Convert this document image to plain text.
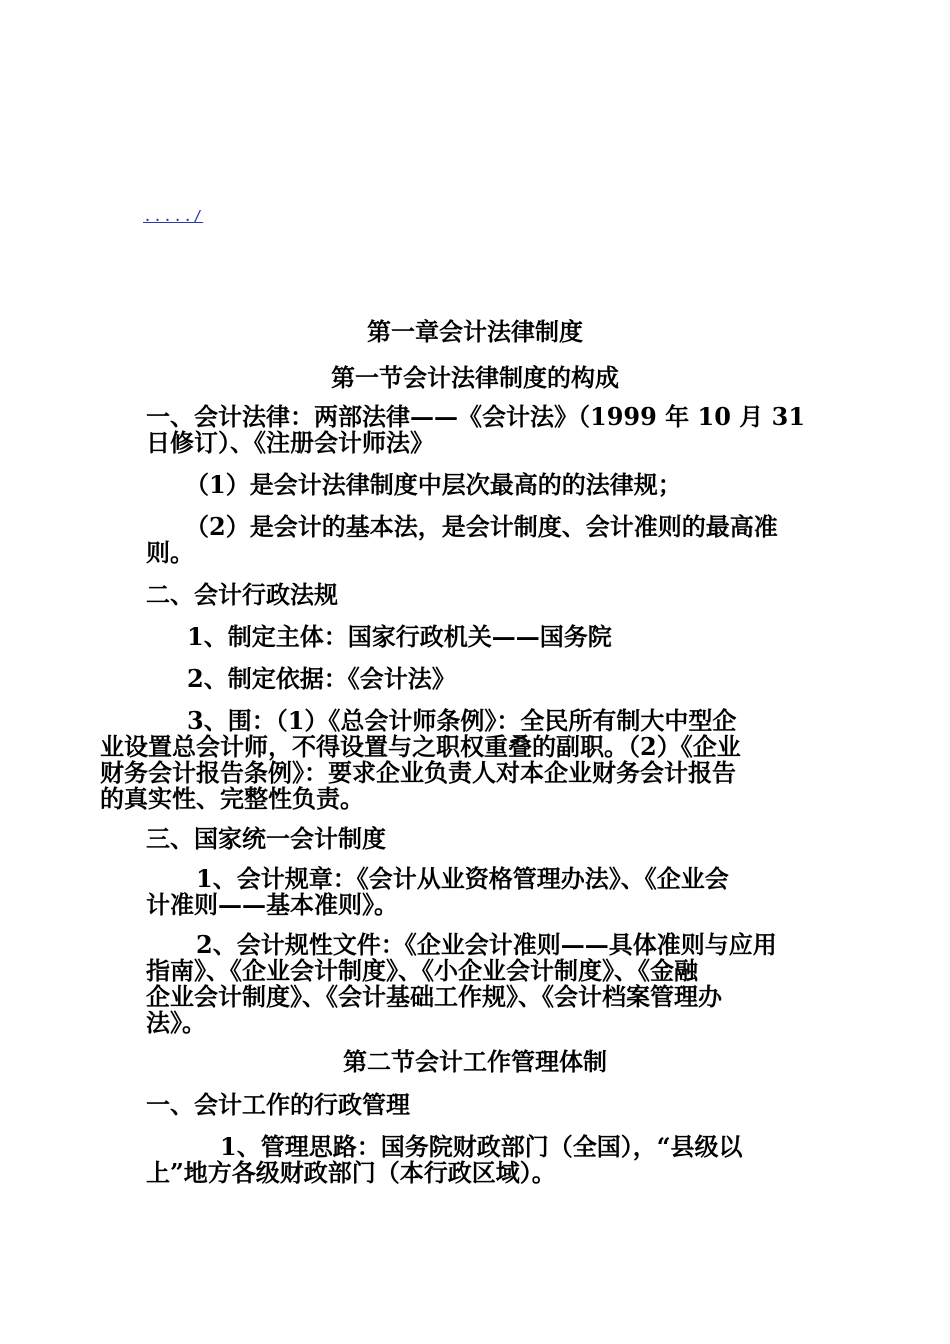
...../
第一章会计法律制度
第一节会计法律制度的构成

一、会计法律：两部法律——《会计法》（1999 年 10 月 31

日修订）、《注册会计师法》

（1）是会计法律制度中层次最高的的法律规；

（2）是会计的基本法，是会计制度、会计准则的最高准

则。

二、会计行政法规

1、制定主体：国家行政机关——国务院

2、制定依据：《会计法》

3、围：（1）《总会计师条例》：全民所有制大中型企

业设置总会计师，不得设置与之职权重叠的副职。（2）《企业

财务会计报告条例》：要求企业负责人对本企业财务会计报告

的真实性、完整性负责。

三、国家统一会计制度

1、会计规章：《会计从业资格管理办法》、《企业会

计准则——基本准则》。

2、会计规性文件：《企业会计准则——具体准则与应用

指南》、《企业会计制度》、《小企业会计制度》、《金融

企业会计制度》、《会计基础工作规》、《会计档案管理办

法》。

第二节会计工作管理体制

一、会计工作的行政管理

1、管理思路：国务院财政部门（全国），“县级以

上”地方各级财政部门（本行政区域）。
